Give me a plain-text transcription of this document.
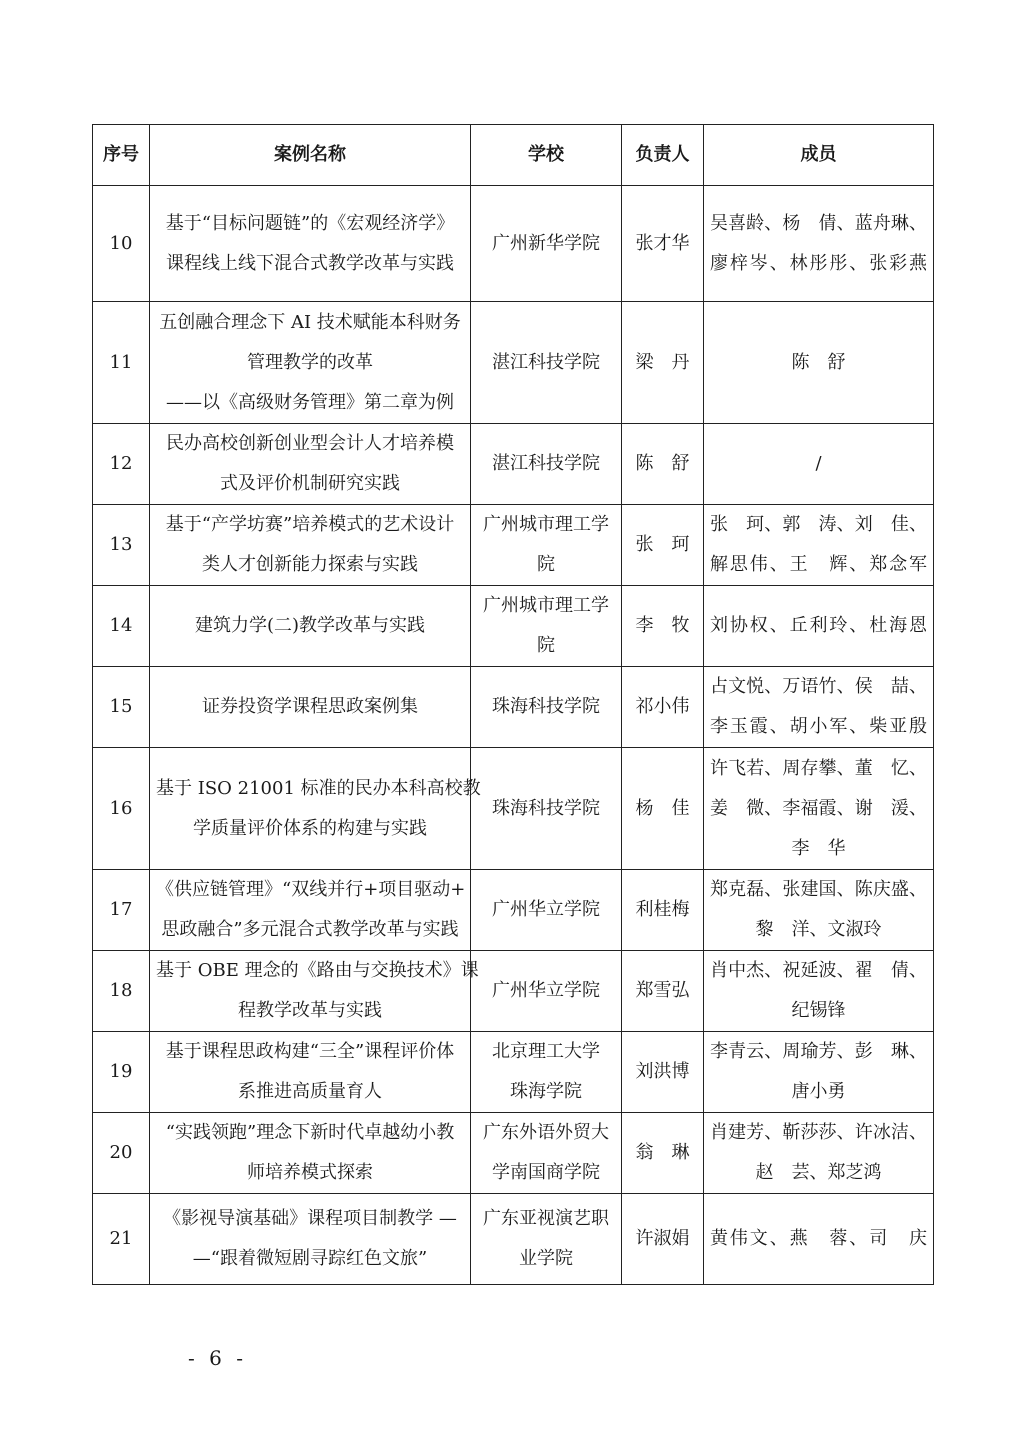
序号	案例名称	学校	负责人	成员
10	基于“目标问题链”的《宏观经济学》
课程线上线下混合式教学改革与实践	广州新华学院	张才华	吴喜龄、杨　倩、蓝舟琳、
廖梓岑、林彤彤、张彩燕

11	五创融合理念下 AI 技术赋能本科财务
管理教学的改革
——以《高级财务管理》第二章为例	湛江科技学院	梁　丹	陈　舒

12	民办高校创新创业型会计人才培养模
式及评价机制研究实践	湛江科技学院	陈　舒	/

13	基于“产学坊赛”培养模式的艺术设计
类人才创新能力探索与实践	广州城市理工学
院	张　珂	张　珂、郭　涛、刘　佳、
解思伟、王　辉、郑念军

14	建筑力学(二)教学改革与实践	广州城市理工学
院	李　牧	刘协权、丘利玲、杜海恩

15	证券投资学课程思政案例集	珠海科技学院	祁小伟	占文悦、万语竹、侯　喆、
李玉霞、胡小军、柴亚殷

16	基于 ISO 21001 标准的民办本科高校教
学质量评价体系的构建与实践	珠海科技学院	杨　佳	许飞若、周存攀、董　忆、
姜　微、李福霞、谢　湲、
李　华

17	《供应链管理》“双线并行+项目驱动+
思政融合”多元混合式教学改革与实践	广州华立学院	利桂梅	郑克磊、张建国、陈庆盛、
黎　洋、文淑玲

18	基于 OBE 理念的《路由与交换技术》课
程教学改革与实践	广州华立学院	郑雪弘	肖中杰、祝延波、翟　倩、
纪锡锋

19	基于课程思政构建“三全”课程评价体
系推进高质量育人	北京理工大学
珠海学院	刘洪博	李青云、周瑜芳、彭　琳、
唐小勇

20	“实践领跑”理念下新时代卓越幼小教
师培养模式探索	广东外语外贸大
学南国商学院	翁　琳	肖建芳、靳莎莎、许冰洁、
赵　芸、郑芝鸿

21	《影视导演基础》课程项目制教学 —
—“跟着微短剧寻踪红色文旅”	广东亚视演艺职
业学院	许淑娟	黄伟文、燕　蓉、司　庆
- 6 -
